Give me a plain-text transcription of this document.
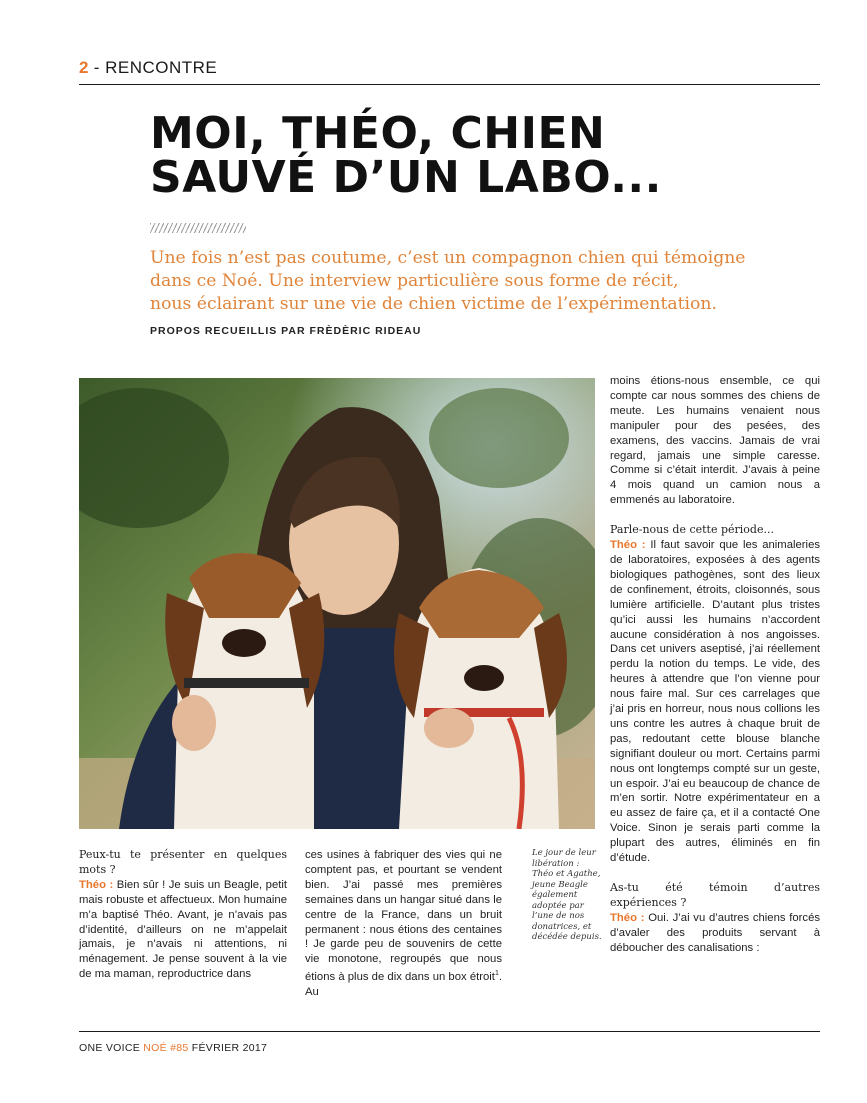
2 - RENCONTRE
MOI, THÉO, CHIEN
SAUVÉ D’UN LABO...
Une fois n’est pas coutume, c’est un compagnon chien qui témoigne
dans ce Noé. Une interview particulière sous forme de récit,
nous éclairant sur une vie de chien victime de l’expérimentation.
PROPOS RECUEILLIS PAR FRÈDÈRIC RIDEAU

Peux-tu te présenter en quelques mots ?
Théo : Bien sûr ! Je suis un Beagle, petit mais robuste et affectueux. Mon humaine m’a baptisé Théo. Avant, je n’avais pas d’identité, d’ailleurs on ne m’appelait jamais, je n’avais ni attentions, ni ménagement. Je pense souvent à la vie de ma maman, reproductrice dans

ces usines à fabriquer des vies qui ne comptent pas, et pourtant se vendent bien. J’ai passé mes premières semaines dans un hangar situé dans le centre de la France, dans un bruit permanent : nous étions des centaines ! Je garde peu de souvenirs de cette vie monotone, regroupés que nous étions à plus de dix dans un box étroit$^1$. Au

Le jour de leur libération : Théo et Agathe, jeune Beagle également adoptée par l’une de nos donatrices, et décédée depuis.

moins étions-nous ensemble, ce qui compte car nous sommes des chiens de meute. Les humains venaient nous manipuler pour des pesées, des examens, des vaccins. Jamais de vrai regard, jamais une simple caresse. Comme si c’était interdit. J’avais à peine 4 mois quand un camion nous a emmenés au laboratoire.

Parle-nous de cette période...
Théo : Il faut savoir que les animaleries de laboratoires, exposées à des agents biologiques pathogènes, sont des lieux de confinement, étroits, cloisonnés, sous lumière artificielle. D’autant plus tristes qu’ici aussi les humains n’accordent aucune considération à nos angoisses. Dans cet univers aseptisé, j’ai réellement perdu la notion du temps. Le vide, des heures à attendre que l’on vienne pour nous faire mal. Sur ces carrelages que j’ai pris en horreur, nous nous collions les uns contre les autres à chaque bruit de pas, redoutant cette blouse blanche signifiant douleur ou mort. Certains parmi nous ont longtemps compté sur un geste, un espoir. J’ai eu beaucoup de chance de m’en sortir. Notre expérimentateur en a eu assez de faire ça, et il a contacté One Voice. Sinon je serais parti comme la plupart des autres, éliminés en fin d’étude.

As-tu été témoin d’autres expériences ?
Théo : Oui. J’ai vu d’autres chiens forcés d’avaler des produits servant à déboucher des canalisations :

ONE VOICE NOÉ #85 FÉVRIER 2017
